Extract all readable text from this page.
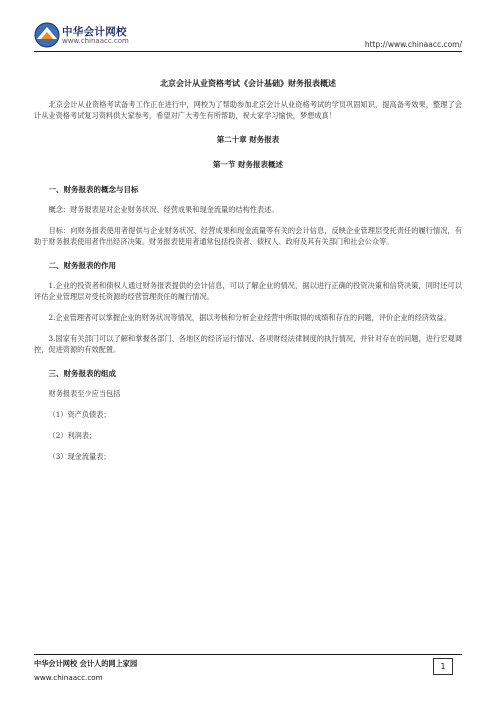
中华会计网校
www.chinaacc.com	http://www.chinaacc.com/

北京会计从业资格考试《会计基础》财务报表概述

北京会计从业资格考试备考工作正在进行中，网校为了帮助参加北京会计从业资格考试的学员巩固知识，提高备考效果，整理了会计从业资格考试复习资料供大家参考，希望对广大考生有所帮助，祝大家学习愉快，梦想成真！

第二十章 财务报表

第一节 财务报表概述

一、财务报表的概念与目标

概念：财务报表是对企业财务状况、经营成果和现金流量的结构性表述。

目标：向财务报表使用者提供与企业财务状况、经营成果和现金流量等有关的会计信息，反映企业管理层受托责任的履行情况，有助于财务报表使用者作出经济决策。财务报表使用者通常包括投资者、债权人、政府及其有关部门和社会公众等。

二、财务报表的作用

1.企业的投资者和债权人通过财务报表提供的会计信息，可以了解企业的情况，据以进行正确的投资决策和信贷决策，同时还可以评估企业管理层对受托资源的经营管理责任的履行情况。

2.企业管理者可以掌握企业的财务状况等情况，据以考核和分析企业经营中所取得的成绩和存在的问题，评价企业的经济效益。

3.国家有关部门可以了解和掌握各部门、各地区的经济运行情况、各项财经法律制度的执行情况，并针对存在的问题，进行宏观调控，促进资源的有效配置。

三、财务报表的组成

财务报表至少应当包括

（1）资产负债表；

（2）利润表；

（3）现金流量表；

中华会计网校 会计人的网上家园
www.chinaacc.com
1
